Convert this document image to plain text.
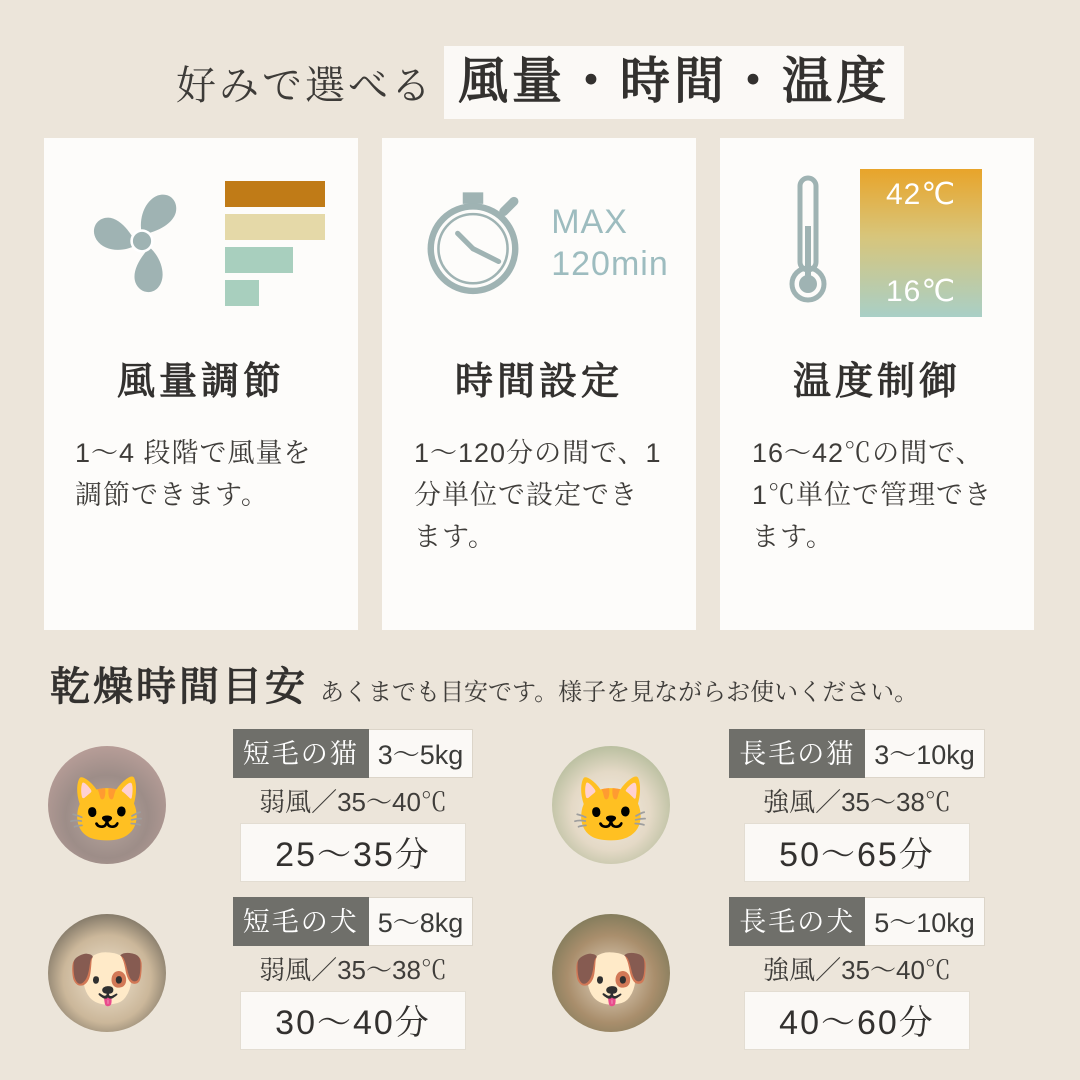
好みで選べる 風量・時間・温度
風量調節
1〜4 段階で風量を調節できます。
MAX
120min
時間設定
1〜120分の間で、1分単位で設定できます。
42℃
16℃
温度制御
16〜42℃の間で、1℃単位で管理できます。
乾燥時間目安 あくまでも目安です。様子を見ながらお使いください。
🐱
短毛の猫 3〜5kg
弱風／35〜40℃
25〜35分
🐱
長毛の猫 3〜10kg
強風／35〜38℃
50〜65分
🐶
短毛の犬 5〜8kg
弱風／35〜38℃
30〜40分
🐶
長毛の犬 5〜10kg
強風／35〜40℃
40〜60分
